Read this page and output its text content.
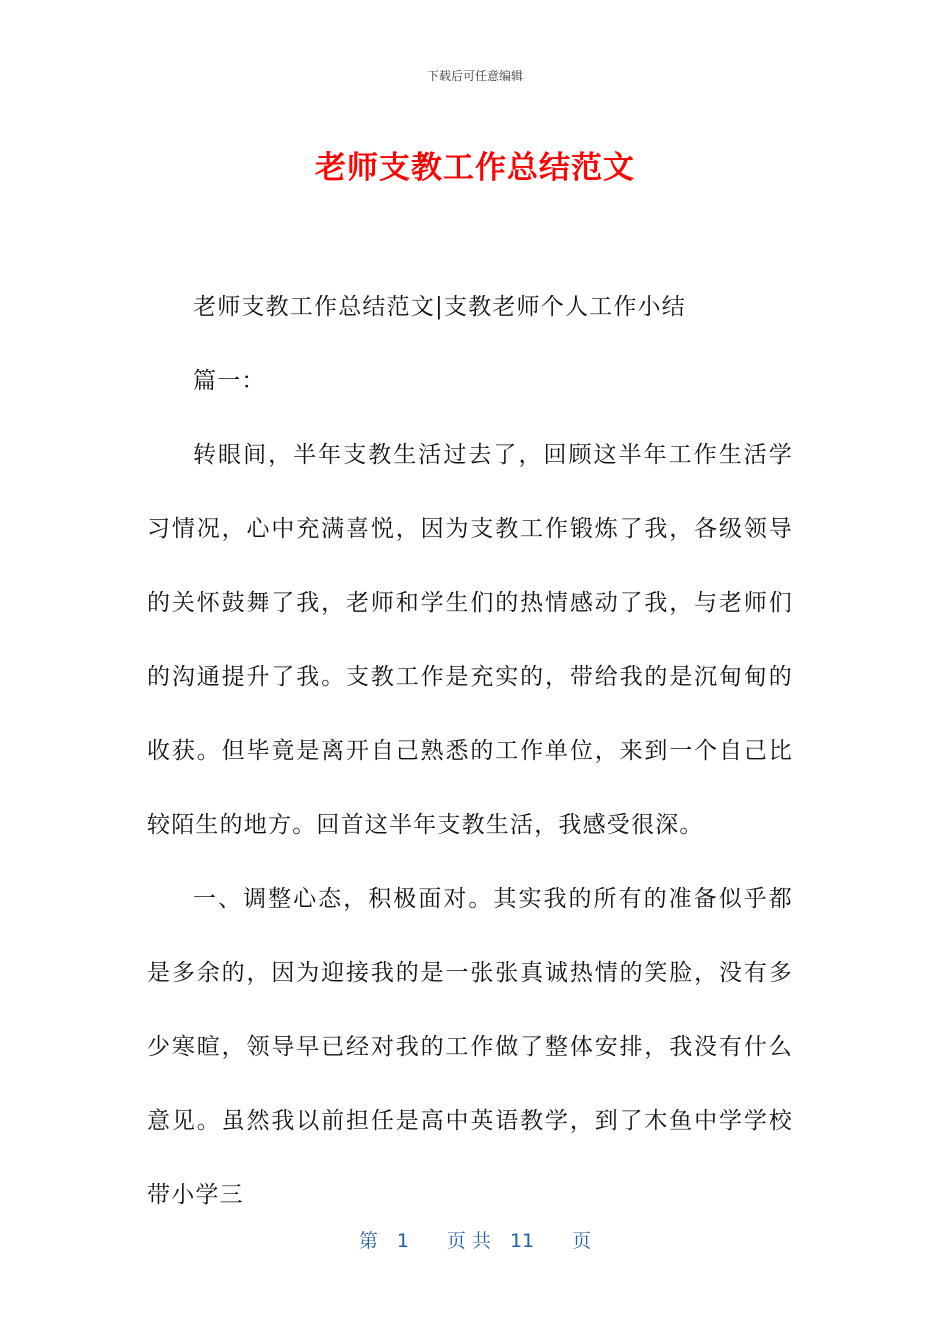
下载后可任意编辑
老师支教工作总结范文

老师支教工作总结范文|支教老师个人工作小结

篇一：

转眼间，半年支教生活过去了，回顾这半年工作生活学习情况，心中充满喜悦，因为支教工作锻炼了我，各级领导的关怀鼓舞了我，老师和学生们的热情感动了我，与老师们的沟通提升了我。支教工作是充实的，带给我的是沉甸甸的收获。但毕竟是离开自己熟悉的工作单位，来到一个自己比较陌生的地方。回首这半年支教生活，我感受很深。

一、调整心态，积极面对。其实我的所有的准备似乎都是多余的，因为迎接我的是一张张真诚热情的笑脸，没有多少寒暄，领导早已经对我的工作做了整体安排，我没有什么意见。虽然我以前担任是高中英语教学，到了木鱼中学学校带小学三

第　1　　页 共　11　　页
